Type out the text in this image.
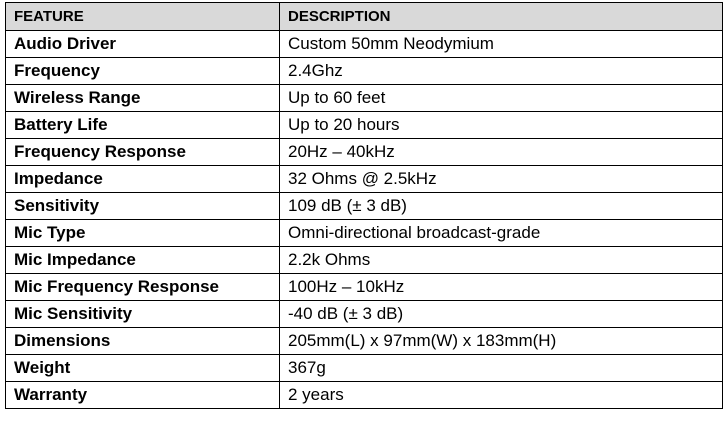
FEATURE	DESCRIPTION
Audio Driver	Custom 50mm Neodymium
Frequency	2.4Ghz
Wireless Range	Up to 60 feet
Battery Life	Up to 20 hours
Frequency Response	20Hz – 40kHz
Impedance	32 Ohms @ 2.5kHz
Sensitivity	109 dB (± 3 dB)
Mic Type	Omni-directional broadcast-grade
Mic Impedance	2.2k Ohms
Mic Frequency Response	100Hz – 10kHz
Mic Sensitivity	-40 dB (± 3 dB)
Dimensions	205mm(L) x 97mm(W) x 183mm(H)
Weight	367g
Warranty	2 years
